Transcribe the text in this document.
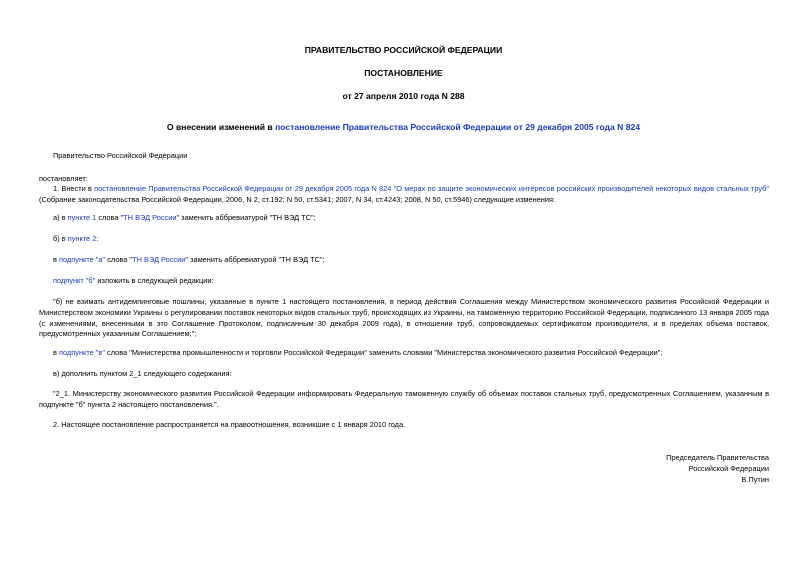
ПРАВИТЕЛЬСТВО РОССИЙСКОЙ ФЕДЕРАЦИИ
ПОСТАНОВЛЕНИЕ
от 27 апреля 2010 года N 288
О внесении изменений в постановление Правительства Российской Федерации от 29 декабря 2005 года N 824
Правительство Российской Федерации
постановляет:
1. Внести в постановление Правительства Российской Федерации от 29 декабря 2005 года N 824 "О мерах по защите экономических интересов российских производителей некоторых видов стальных труб" (Собрание законодательства Российской Федерации, 2006, N 2, ст.192; N 50, ст.5341; 2007, N 34, ст.4243; 2008, N 50, ст.5946) следующие изменения:
а) в пункте 1 слова "ТН ВЭД России" заменить аббревиатурой "ТН ВЭД ТС";
б) в пункте 2:
в подпункте "а" слова "ТН ВЭД России" заменить аббревиатурой "ТН ВЭД ТС";
подпункт "б" изложить в следующей редакции:
"б) не взимать антидемпинговые пошлины, указанные в пункте 1 настоящего постановления, в период действия Соглашения между Министерством экономического развития Российской Федерации и Министерством экономики Украины о регулировании поставок некоторых видов стальных труб, происходящих из Украины, на таможенную территорию Российской Федерации, подписанного 13 января 2005 года (с изменениями, внесенными в это Соглашение Протоколом, подписанным 30 декабря 2009 года), в отношении труб, сопровождаемых сертификатом производителя, и в пределах объема поставок, предусмотренных указанным Соглашением;";
в подпункте "в" слова "Министерства промышленности и торговли Российской Федерации" заменить словами "Министерства экономического развития Российской Федерации";
в) дополнить пунктом 2_1 следующего содержания:
"2_1. Министерству экономического развития Российской Федерации информировать Федеральную таможенную службу об объемах поставок стальных труб, предусмотренных Соглашением, указанным в подпункте "б" пункта 2 настоящего постановления.".
2. Настоящее постановление распространяется на правоотношения, возникшие с 1 января 2010 года.
Председатель Правительства
Российской Федерации
В.Путин
